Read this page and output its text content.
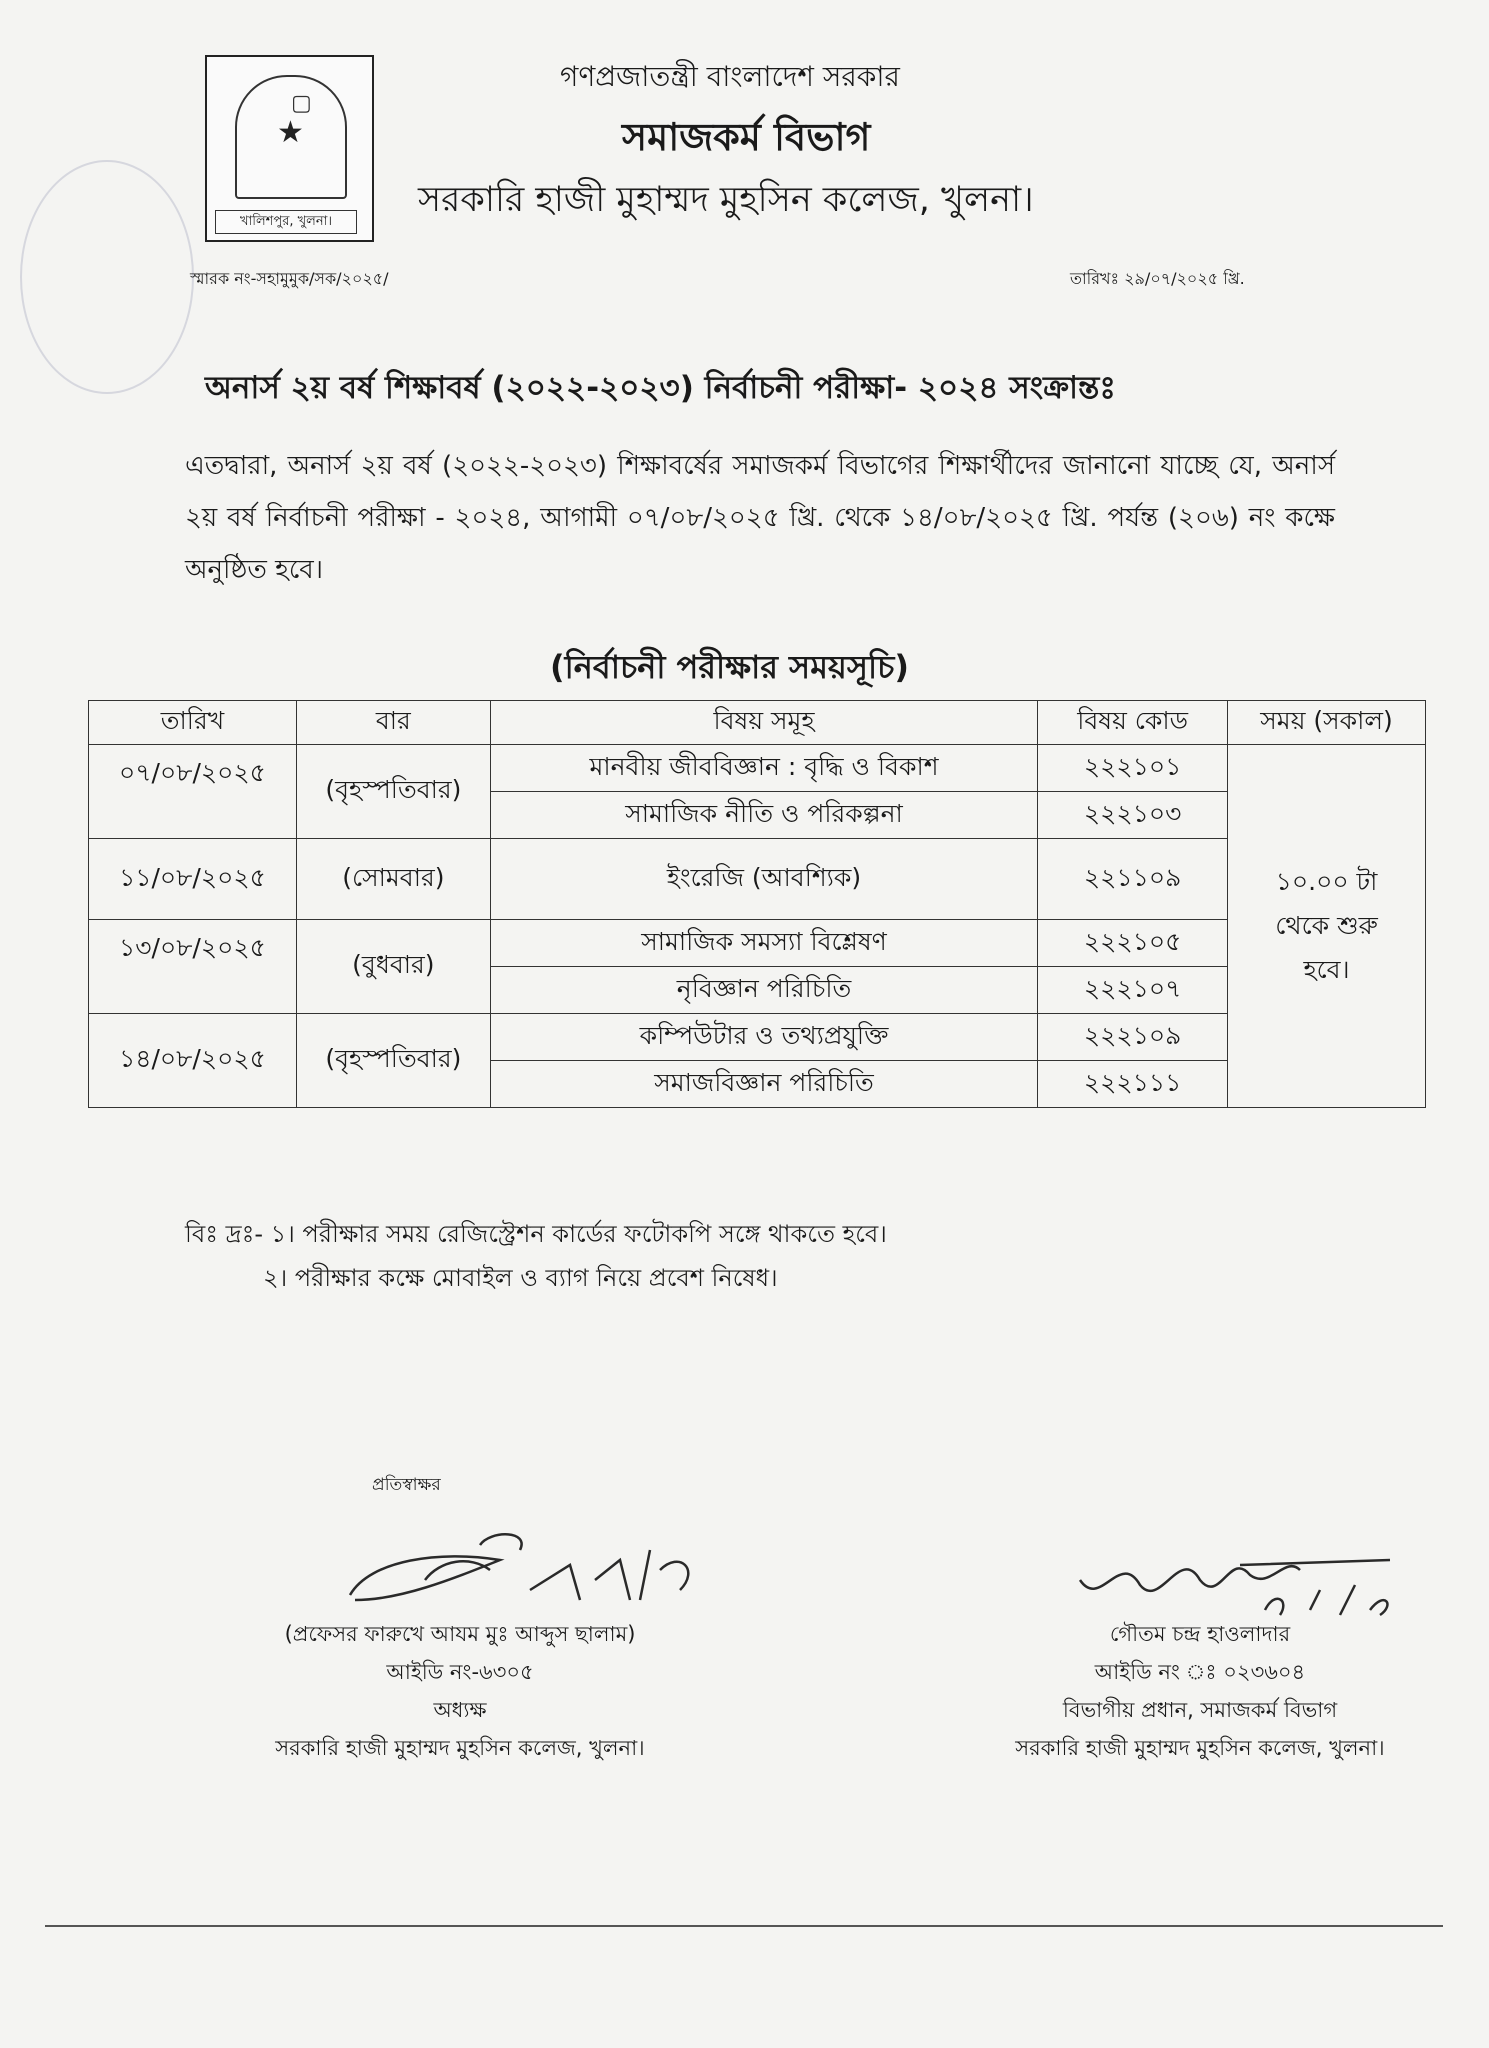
▢
★
খালিশপুর, খুলনা।
গণপ্রজাতন্ত্রী বাংলাদেশ সরকার
সমাজকর্ম বিভাগ
সরকারি হাজী মুহাম্মদ মুহসিন কলেজ, খুলনা।
স্মারক নং-সহামুমুক/সক/২০২৫/	তারিখঃ ২৯/০৭/২০২৫ খ্রি.
অনার্স ২য় বর্ষ শিক্ষাবর্ষ (২০২২-২০২৩) নির্বাচনী পরীক্ষা- ২০২৪ সংক্রান্তঃ
এতদ্বারা, অনার্স ২য় বর্ষ (২০২২-২০২৩) শিক্ষাবর্ষের সমাজকর্ম বিভাগের শিক্ষার্থীদের জানানো যাচ্ছে যে, অনার্স ২য় বর্ষ নির্বাচনী পরীক্ষা - ২০২৪, আগামী ০৭/০৮/২০২৫ খ্রি. থেকে ১৪/০৮/২০২৫ খ্রি. পর্যন্ত (২০৬) নং কক্ষে অনুষ্ঠিত হবে।
(নির্বাচনী পরীক্ষার সময়সূচি)
তারিখ	বার	বিষয় সমূহ	বিষয় কোড	সময় (সকাল)
০৭/০৮/২০২৫	(বৃহস্পতিবার)	মানবীয় জীববিজ্ঞান : বৃদ্ধি ও বিকাশ	২২২১০১	১০.০০ টা থেকে শুরু হবে।

		সামাজিক নীতি ও পরিকল্পনা	২২২১০৩	
১১/০৮/২০২৫	(সোমবার)	ইংরেজি (আবশ্যিক)	২২১১০৯	
১৩/০৮/২০২৫	(বুধবার)	সামাজিক সমস্যা বিশ্লেষণ	২২২১০৫	
		নৃবিজ্ঞান পরিচিতি	২২২১০৭	
১৪/০৮/২০২৫	(বৃহস্পতিবার)	কম্পিউটার ও তথ্যপ্রযুক্তি	২২২১০৯	
		সমাজবিজ্ঞান পরিচিতি	২২২১১১	
বিঃ দ্রঃ- ১। পরীক্ষার সময় রেজিস্ট্রেশন কার্ডের ফটোকপি সঙ্গে থাকতে হবে।
২। পরীক্ষার কক্ষে মোবাইল ও ব্যাগ নিয়ে প্রবেশ নিষেধ।
প্রতিস্বাক্ষর
(প্রফেসর ফারুখে আযম মুঃ আব্দুস ছালাম)
আইডি নং-৬৩০৫
অধ্যক্ষ
সরকারি হাজী মুহাম্মদ মুহসিন কলেজ, খুলনা।
গৌতম চন্দ্র হাওলাদার
আইডি নং ঃ ০২৩৬০৪
বিভাগীয় প্রধান, সমাজকর্ম বিভাগ
সরকারি হাজী মুহাম্মদ মুহসিন কলেজ, খুলনা।
